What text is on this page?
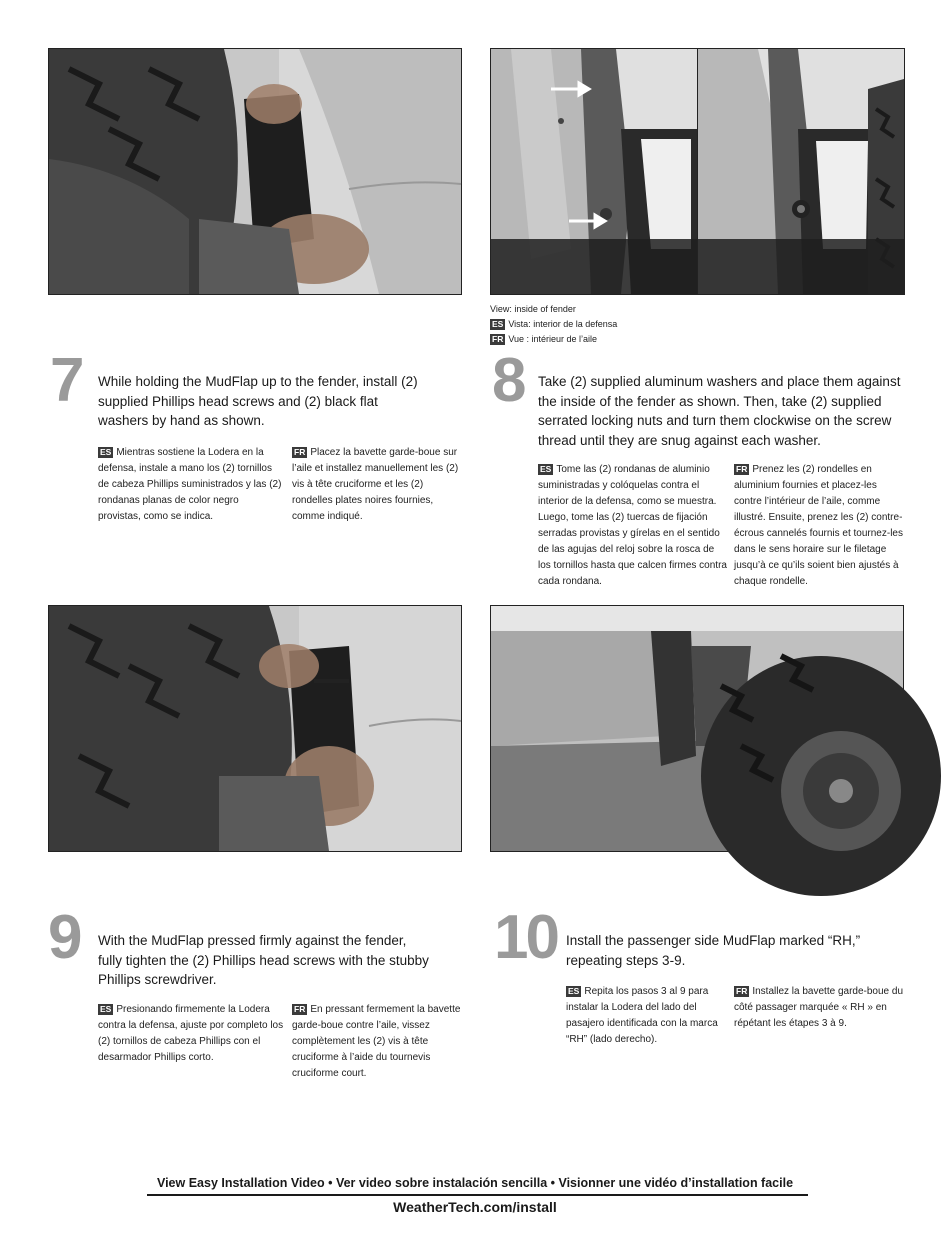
View: inside of fender
ES Vista: interior de la defensa
FR Vue : intérieur de l’aile
7 While holding the MudFlap up to the fender, install (2) supplied Phillips head screws and (2) black flat washers by hand as shown.
ES Mientras sostiene la Lodera en la defensa, instale a mano los (2) tornillos de cabeza Phillips suministrados y las (2) rondanas planas de color negro provistas, como se indica.
FR Placez la bavette garde-boue sur l’aile et installez manuellement les (2) vis à tête cruciforme et les (2) rondelles plates noires fournies, comme indiqué.
8 Take (2) supplied aluminum washers and place them against the inside of the fender as shown. Then, take (2) supplied serrated locking nuts and turn them clockwise on the screw thread until they are snug against each washer.
ES Tome las (2) rondanas de aluminio suministradas y colóquelas contra el interior de la defensa, como se muestra. Luego, tome las (2) tuercas de fijación serradas provistas y gírelas en el sentido de las agujas del reloj sobre la rosca de los tornillos hasta que calcen firmes contra cada rondana.
FR Prenez les (2) rondelles en aluminium fournies et placez-les contre l’intérieur de l’aile, comme illustré. Ensuite, prenez les (2) contre-écrous cannelés fournis et tournez-les dans le sens horaire sur le filetage jusqu’à ce qu’ils soient bien ajustés à chaque rondelle.
9 With the MudFlap pressed firmly against the fender, fully tighten the (2) Phillips head screws with the stubby Phillips screwdriver.
ES Presionando firmemente la Lodera contra la defensa, ajuste por completo los (2) tornillos de cabeza Phillips con el desarmador Phillips corto.
FR En pressant fermement la bavette garde-boue contre l’aile, vissez complètement les (2) vis à tête cruciforme à l’aide du tournevis cruciforme court.
10 Install the passenger side MudFlap marked “RH,” repeating steps 3-9.
ES Repita los pasos 3 al 9 para instalar la Lodera del lado del pasajero identificada con la marca “RH” (lado derecho).
FR Installez la bavette garde-boue du côté passager marquée « RH » en répétant les étapes 3 à 9.
View Easy Installation Video • Ver video sobre instalación sencilla • Visionner une vidéo d’installation facile
WeatherTech.com/install
